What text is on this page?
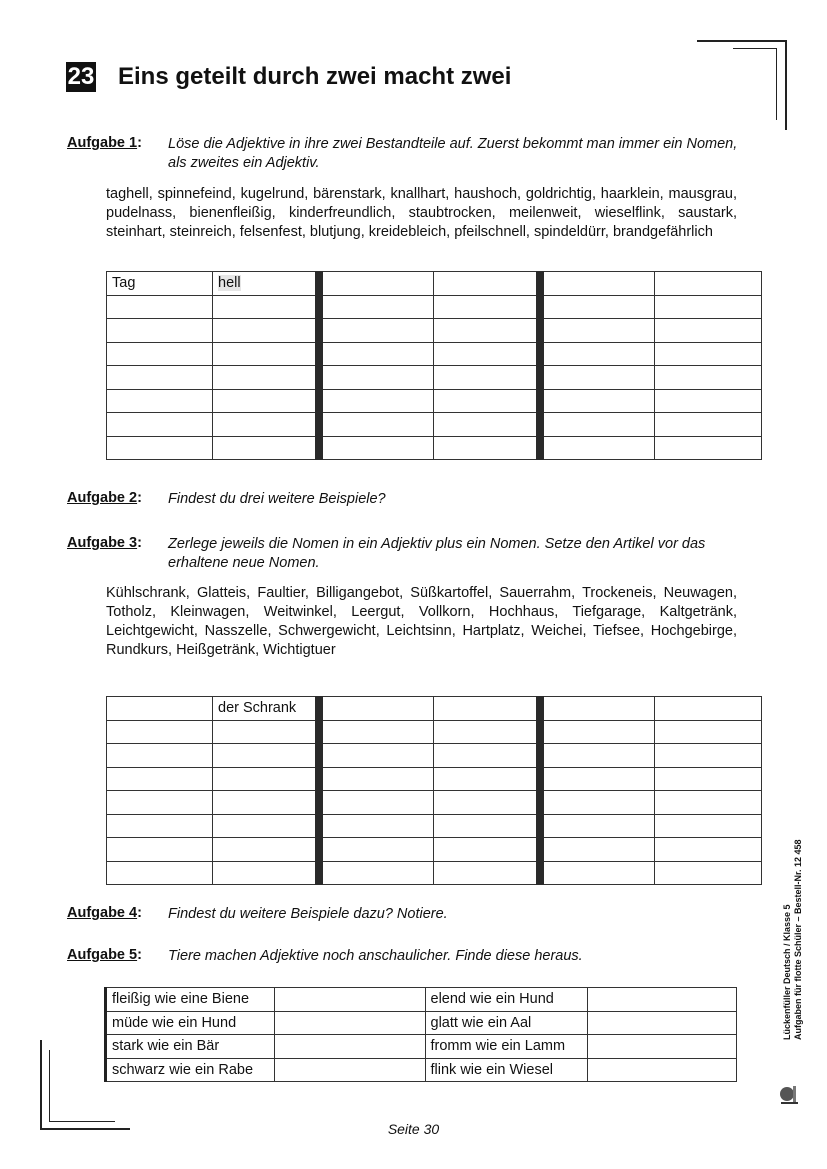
23 Eins geteilt durch zwei macht zwei
Aufgabe 1: Löse die Adjektive in ihre zwei Bestandteile auf. Zuerst bekommt man immer ein Nomen, als zweites ein Adjektiv.
taghell, spinnefeind, kugelrund, bärenstark, knallhart, haushoch, goldrichtig, haarklein, mausgrau, pudelnass, bienenfleißig, kinderfreundlich, staubtrocken, meilenweit, wieselflink, saustark, steinhart, steinreich, felsenfest, blutjung, kreidebleich, pfeilschnell, spindeldürr, brandgefährlich
Tag	hell				

Aufgabe 2: Findest du drei weitere Beispiele?
Aufgabe 3: Zerlege jeweils die Nomen in ein Adjektiv plus ein Nomen. Setze den Artikel vor das erhaltene neue Nomen.
Kühlschrank, Glatteis, Faultier, Billigangebot, Süßkartoffel, Sauerrahm, Trockeneis, Neuwagen, Totholz, Kleinwagen, Weitwinkel, Leergut, Vollkorn, Hochhaus, Tiefgarage, Kaltgetränk, Leichtgewicht, Nasszelle, Schwergewicht, Leichtsinn, Hartplatz, Weichei, Tiefsee, Hochgebirge, Rundkurs, Heißgetränk, Wichtigtuer
	der Schrank				

Aufgabe 4: Findest du weitere Beispiele dazu? Notiere.
Aufgabe 5: Tiere machen Adjektive noch anschaulicher. Finde diese heraus.
fleißig wie eine Biene		elend wie ein Hund	
müde wie ein Hund		glatt wie ein Aal	
stark wie ein Bär		fromm wie ein Lamm	
schwarz wie ein Rabe		flink wie ein Wiesel	
Lückenfüller Deutsch / Klasse 5 Aufgaben für flotte Schüler – Bestell-Nr. 12 458
Seite 30
